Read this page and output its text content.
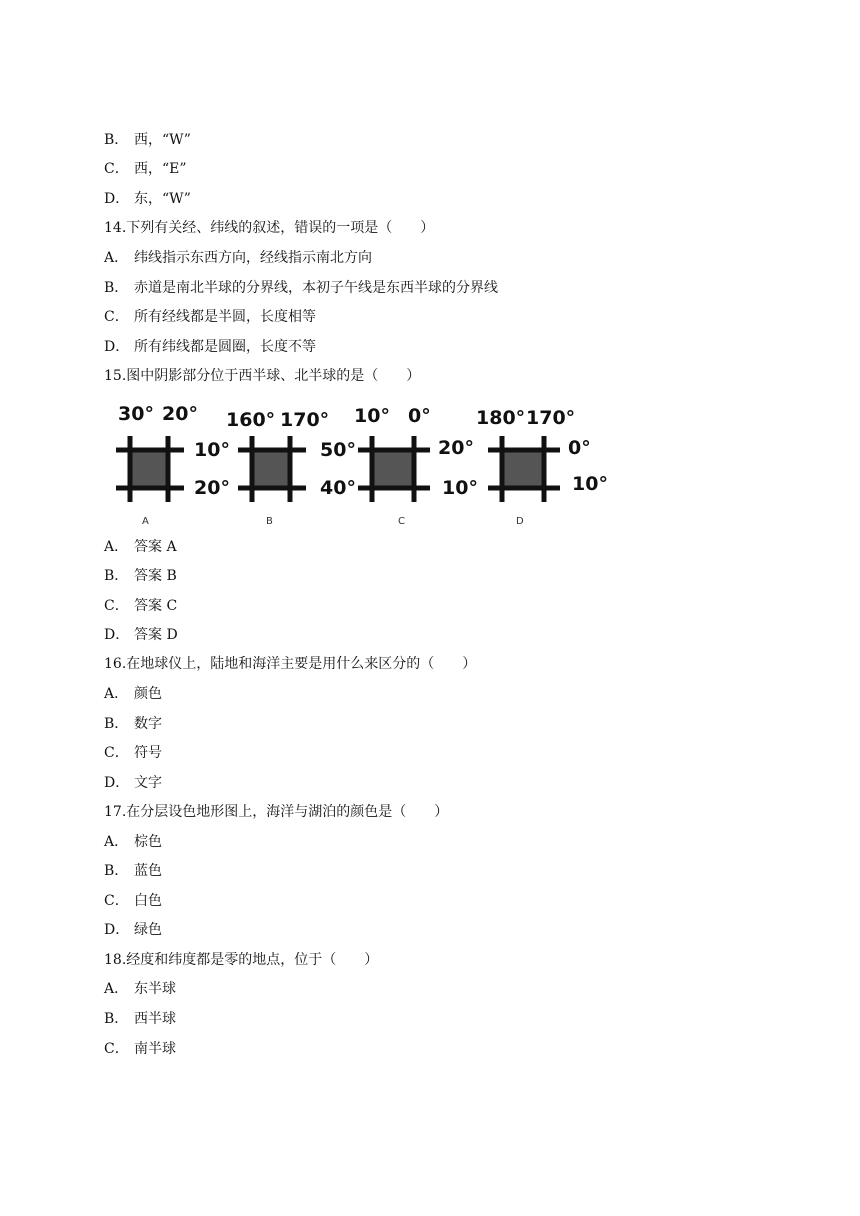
B． 西，“W”
C． 西，“E”
D． 东，“W”
14.下列有关经、纬线的叙述，错误的一项是（　　）
A． 纬线指示东西方向，经线指示南北方向
B． 赤道是南北半球的分界线，本初子午线是东西半球的分界线
C． 所有经线都是半圆，长度相等
D． 所有纬线都是圆圈，长度不等
15.图中阴影部分位于西半球、北半球的是（　　）
30° 20°
10°
20°
A
160° 170°
50°
40°
B
10° 0°
20°
10°
C
180° 170°
0°
10°
D
A． 答案 A
B． 答案 B
C． 答案 C
D． 答案 D
16.在地球仪上，陆地和海洋主要是用什么来区分的（　　）
A． 颜色
B． 数字
C． 符号
D． 文字
17.在分层设色地形图上，海洋与湖泊的颜色是（　　）
A． 棕色
B． 蓝色
C． 白色
D． 绿色
18.经度和纬度都是零的地点，位于（　　）
A． 东半球
B． 西半球
C． 南半球
